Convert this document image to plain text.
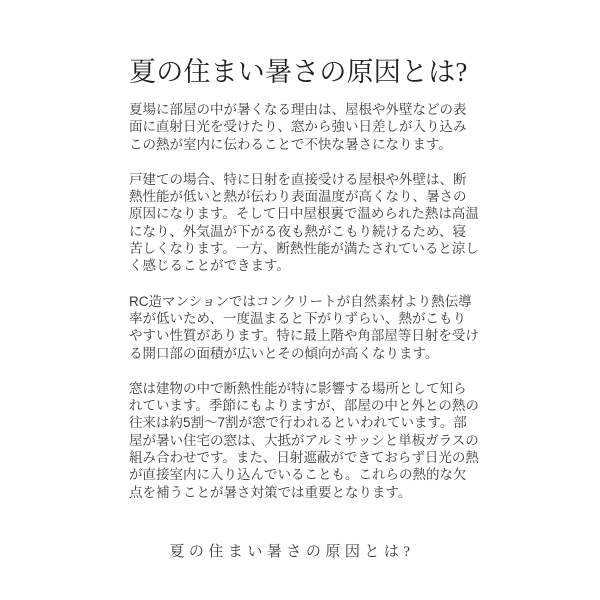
夏の住まい暑さの原因とは?

夏場に部屋の中が暑くなる理由は、屋根や外壁などの表面に直射日光を受けたり、窓から強い日差しが入り込みこの熱が室内に伝わることで不快な暑さになります。

戸建ての場合、特に日射を直接受ける屋根や外壁は、断熱性能が低いと熱が伝わり表面温度が高くなり、暑さの原因になります。そして日中屋根裏で温められた熱は高温になり、外気温が下がる夜も熱がこもり続けるため、寝苦しくなります。一方、断熱性能が満たされていると涼しく感じることができます。

RC造マンションではコンクリートが自然素材より熱伝導率が低いため、一度温まると下がりずらい、熱がこもりやすい性質があります。特に最上階や角部屋等日射を受ける開口部の面積が広いとその傾向が高くなります。

窓は建物の中で断熱性能が特に影響する場所として知られています。季節にもよりますが、部屋の中と外との熱の往来は約5割〜7割が窓で行われるといわれています。部屋が暑い住宅の窓は、大抵がアルミサッシと単板ガラスの組み合わせです。また、日射遮蔽ができておらず日光の熱が直接室内に入り込んでいることも。これらの熱的な欠点を補うことが暑さ対策では重要となります。

夏の住まい暑さの原因とは?
